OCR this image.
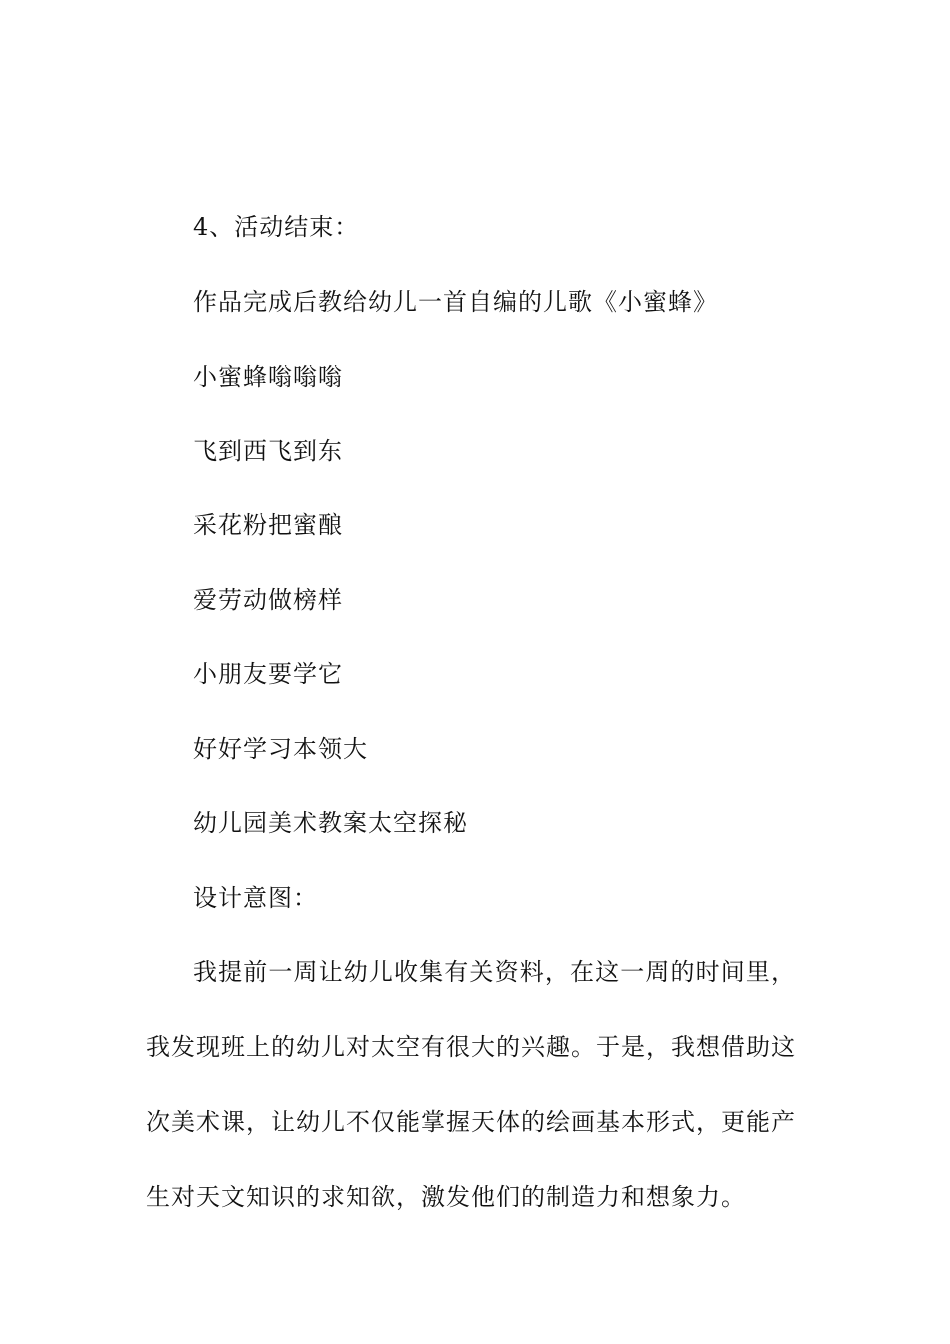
4、活动结束：
作品完成后教给幼儿一首自编的儿歌《小蜜蜂》
小蜜蜂嗡嗡嗡
飞到西飞到东
采花粉把蜜酿
爱劳动做榜样
小朋友要学它
好好学习本领大
幼儿园美术教案太空探秘
设计意图：
我提前一周让幼儿收集有关资料，在这一周的时间里，我发现班上的幼儿对太空有很大的兴趣。于是，我想借助这次美术课，让幼儿不仅能掌握天体的绘画基本形式，更能产生对天文知识的求知欲，激发他们的制造力和想象力。
